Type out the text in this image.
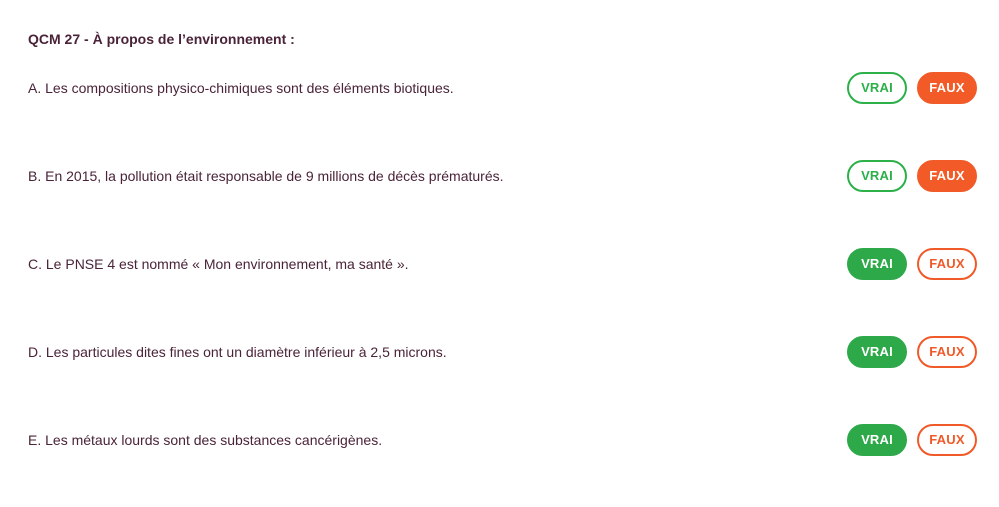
QCM 27 - À propos de l’environnement :
A. Les compositions physico-chimiques sont des éléments biotiques.	VRAI	FAUX
B. En 2015, la pollution était responsable de 9 millions de décès prématurés.	VRAI	FAUX
C. Le PNSE 4 est nommé « Mon environnement, ma santé ».	VRAI	FAUX
D. Les particules dites fines ont un diamètre inférieur à 2,5 microns.	VRAI	FAUX
E. Les métaux lourds sont des substances cancérigènes.	VRAI	FAUX
